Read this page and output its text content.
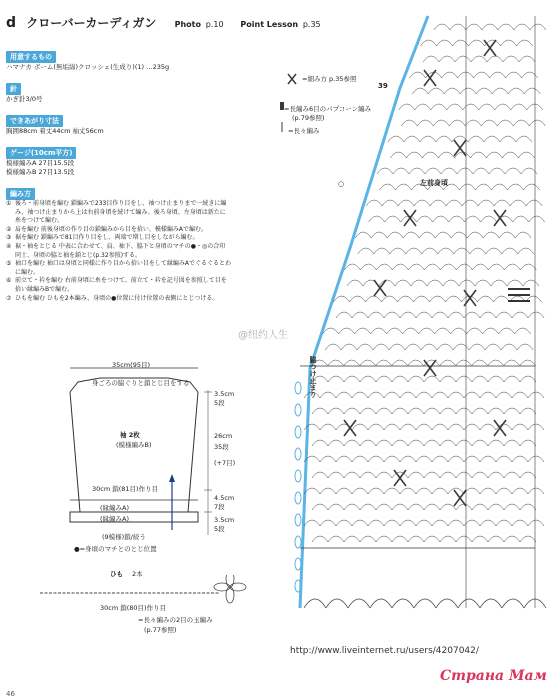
d クローバーカーディガン Photo p.10 Point Lesson p.35
用意するもの
ハマナカ ボーム(無垢綿)クロッシェ(生成り)(1) …235g
針
かぎ針3/0号
できあがり寸法
胸囲88cm 着丈44cm 袖丈56cm
ゲージ(10cm平方)
模様編みA 27目15.5段
模様編みB 27目13.5段
編み方
① 後ろ・前身頃を編む 鎖編みで233目作り目をし、袖つけ止まりまで一続きに編み、袖つけ止まりから上は右前身頃を続けて編み、後ろ身頃、左身頃は新たに糸をつけて編む。
② 肩を編む 前後身頃の作り目の鎖編みから目を拾い、模様編みAで編む。
③ 裾を編む 鎖編みで81目作り目をし、両端で増し目をしながら編む。
④ 裾・袖をとじる 中表に合わせて、肩、袖下、脇下と身頃のマチの●・◎の合印同士、身頃の脇と袖を鎖とじ(p.32参照)する。
⑤ 袖口を編む 袖口は身頃と同様に作り目から拾い目をして縁編みAでぐるぐるとわに編む。
⑥ 前立て・衿を編む 右前身頃に糸をつけて、前立て・衿を記号図を参照して目を拾い縁編みBで編む。
⑦ ひもを編む ひもを2本編み、身頃の●位置に付け位置の表側にとじつける。
35cm(95目)
身ごろの脇ぐりと鎖とじ目をする
袖 2枚
(模様編みB)
3.5cm
5段
26cm
35段
(+7目)
4.5cm
7段
3.5cm
5段
30cm 鎖(81目)作り目
(縁編みA)
(縁編みA)
(9模様)鎖/絞う
●=身頃のマチとのとじ位置
ひも 2本
30cm 鎖(80目)作り目
=長々編みの2目の玉編み
(p.77参照)
=細み方 p.35参照
=長編み6目のパプコーン編み
(p.79参照)
=長々編み
左前身頃
脇つけ止まり
○
39
@纽约人生
http://www.liveinternet.ru/users/4207042/
Страна Мам
46
